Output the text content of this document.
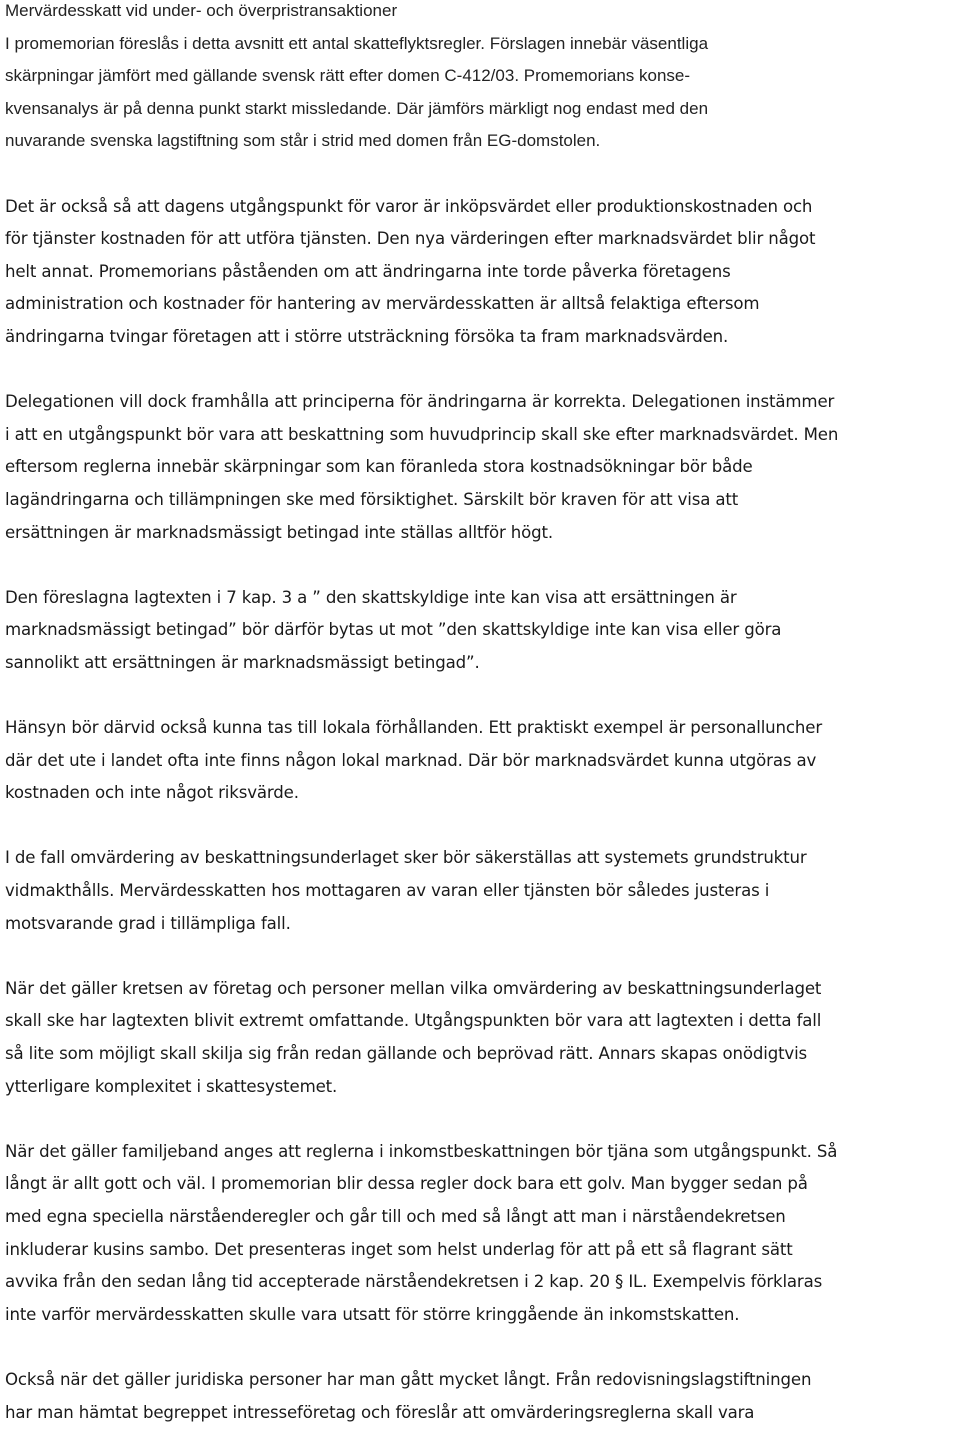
Mervärdesskatt vid under- och överpristransaktioner
I promemorian föreslås i detta avsnitt ett antal skatteflyktsregler. Förslagen innebär väsentliga
skärpningar jämfört med gällande svensk rätt efter domen C-412/03. Promemorians konse-
kvensanalys är på denna punkt starkt missledande. Där jämförs märkligt nog endast med den
nuvarande svenska lagstiftning som står i strid med domen från EG-domstolen.
Det är också så att dagens utgångspunkt för varor är inköpsvärdet eller produktionskostnaden och
för tjänster kostnaden för att utföra tjänsten. Den nya värderingen efter marknadsvärdet blir något
helt annat. Promemorians påståenden om att ändringarna inte torde påverka företagens
administration och kostnader för hantering av mervärdesskatten är alltså felaktiga eftersom
ändringarna tvingar företagen att i större utsträckning försöka ta fram marknadsvärden.
Delegationen vill dock framhålla att principerna för ändringarna är korrekta. Delegationen instämmer
i att en utgångspunkt bör vara att beskattning som huvudprincip skall ske efter marknadsvärdet. Men
eftersom reglerna innebär skärpningar som kan föranleda stora kostnadsökningar bör både
lagändringarna och tillämpningen ske med försiktighet. Särskilt bör kraven för att visa att
ersättningen är marknadsmässigt betingad inte ställas alltför högt.
Den föreslagna lagtexten i 7 kap. 3 a ” den skattskyldige inte kan visa att ersättningen är
marknadsmässigt betingad” bör därför bytas ut mot ”den skattskyldige inte kan visa eller göra
sannolikt att ersättningen är marknadsmässigt betingad”.
Hänsyn bör därvid också kunna tas till lokala förhållanden. Ett praktiskt exempel är personalluncher
där det ute i landet ofta inte finns någon lokal marknad. Där bör marknadsvärdet kunna utgöras av
kostnaden och inte något riksvärde.
I de fall omvärdering av beskattningsunderlaget sker bör säkerställas att systemets grundstruktur
vidmakthålls. Mervärdesskatten hos mottagaren av varan eller tjänsten bör således justeras i
motsvarande grad i tillämpliga fall.
När det gäller kretsen av företag och personer mellan vilka omvärdering av beskattningsunderlaget
skall ske har lagtexten blivit extremt omfattande. Utgångspunkten bör vara att lagtexten i detta fall
så lite som möjligt skall skilja sig från redan gällande och beprövad rätt. Annars skapas onödigtvis
ytterligare komplexitet i skattesystemet.
När det gäller familjeband anges att reglerna i inkomstbeskattningen bör tjäna som utgångspunkt. Så
långt är allt gott och väl. I promemorian blir dessa regler dock bara ett golv. Man bygger sedan på
med egna speciella närståenderegler och går till och med så långt att man i närståendekretsen
inkluderar kusins sambo. Det presenteras inget som helst underlag för att på ett så flagrant sätt
avvika från den sedan lång tid accepterade närståendekretsen i 2 kap. 20 § IL. Exempelvis förklaras
inte varför mervärdesskatten skulle vara utsatt för större kringgående än inkomstskatten.
Också när det gäller juridiska personer har man gått mycket långt. Från redovisningslagstiftningen
har man hämtat begreppet intresseföretag och föreslår att omvärderingsreglerna skall vara
